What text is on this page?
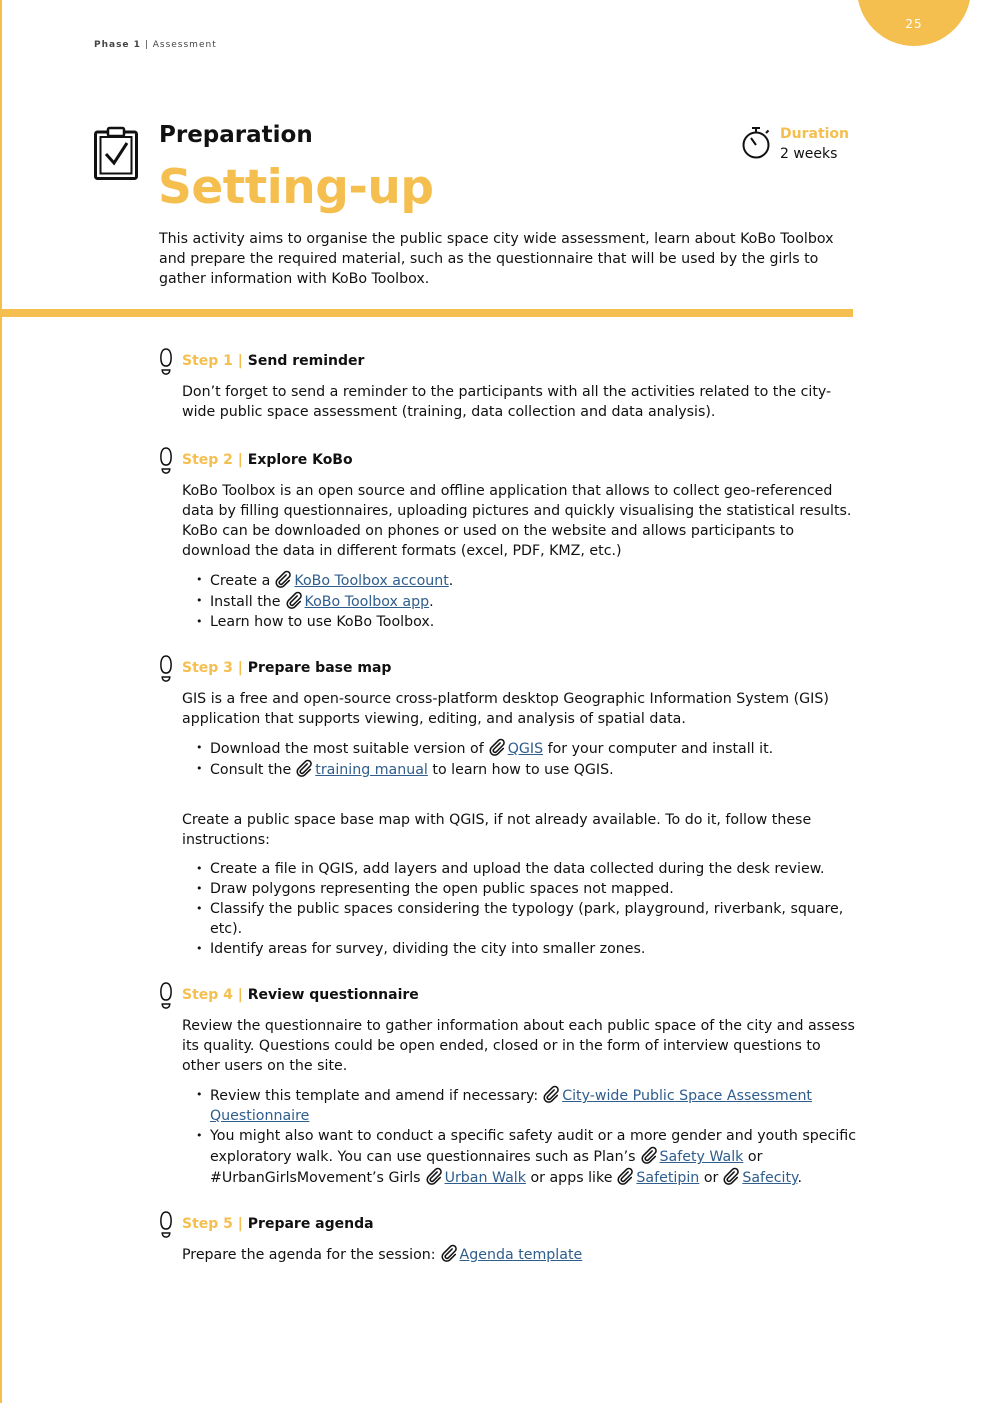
25
Phase 1 | Assessment
Preparation
Setting-up
Duration
2 weeks
This activity aims to organise the public space city wide assessment, learn about KoBo Toolbox and prepare the required material, such as the questionnaire that will be used by the girls to gather information with KoBo Toolbox.
Step 1 | Send reminder

Don’t forget to send a reminder to the participants with all the activities related to the city-wide public space assessment (training, data collection and data analysis).

Step 2 | Explore KoBo

KoBo Toolbox is an open source and offline application that allows to collect geo-referenced data by filling questionnaires, uploading pictures and quickly visualising the statistical results. KoBo can be downloaded on phones or used on the website and allows participants to download the data in different formats (excel, PDF, KMZ, etc.)

• Create a KoBo Toolbox account.
• Install the KoBo Toolbox app.
• Learn how to use KoBo Toolbox.
Step 3 | Prepare base map

GIS is a free and open-source cross-platform desktop Geographic Information System (GIS) application that supports viewing, editing, and analysis of spatial data.

• Download the most suitable version of QGIS for your computer and install it.
• Consult the training manual to learn how to use QGIS.

Create a public space base map with QGIS, if not already available. To do it, follow these instructions:

• Create a file in QGIS, add layers and upload the data collected during the desk review.
• Draw polygons representing the open public spaces not mapped.
• Classify the public spaces considering the typology (park, playground, riverbank, square, etc).
• Identify areas for survey, dividing the city into smaller zones.
Step 4 | Review questionnaire

Review the questionnaire to gather information about each public space of the city and assess its quality. Questions could be open ended, closed or in the form of interview questions to other users on the site.

• Review this template and amend if necessary: City-wide Public Space Assessment Questionnaire
• You might also want to conduct a specific safety audit or a more gender and youth specific exploratory walk. You can use questionnaires such as Plan’s Safety Walk or #UrbanGirlsMovement’s Girls Urban Walk or apps like Safetipin or Safecity.
Step 5 | Prepare agenda

Prepare the agenda for the session: Agenda template
